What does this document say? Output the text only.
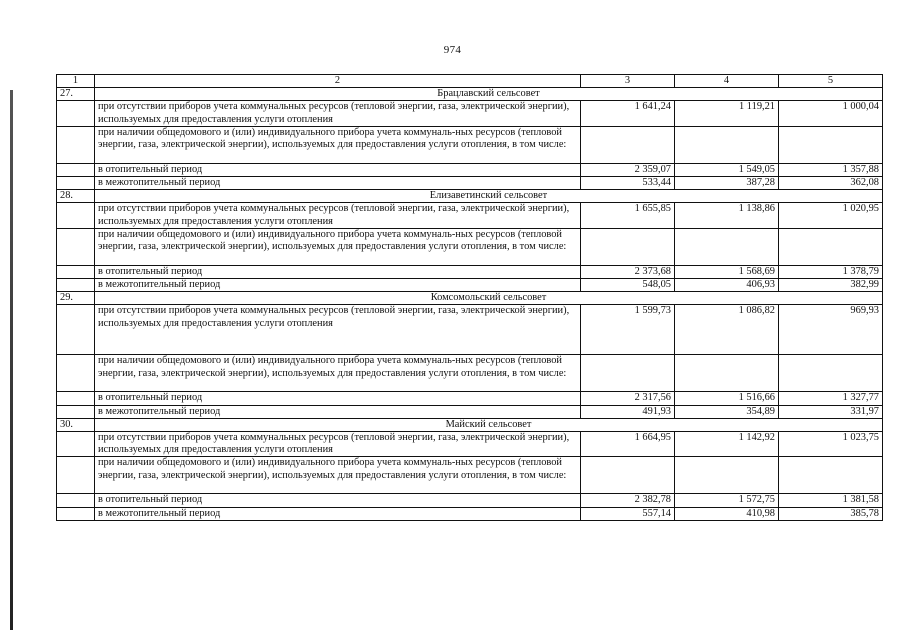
974
1	2	3	4	5
27.	Брацлавский сельсовет			
	при отсутствии приборов учета коммунальных ресурсов (тепловой энергии, газа, электрической энергии), используемых для предоставления услуги отопления	1 641,24	1 119,21	1 000,04
	при наличии общедомового и (или) индивидуального прибора учета коммуналь-ных ресурсов (тепловой энергии, газа, электрической энергии), используемых для предоставления услуги отопления, в том числе:			
	в отопительный период	2 359,07	1 549,05	1 357,88
	в межотопительный период	533,44	387,28	362,08
28.	Елизаветинский сельсовет			
	при отсутствии приборов учета коммунальных ресурсов (тепловой энергии, газа, электрической энергии), используемых для предоставления услуги отопления	1 655,85	1 138,86	1 020,95
	при наличии общедомового и (или) индивидуального прибора учета коммуналь-ных ресурсов (тепловой энергии, газа, электрической энергии), используемых для предоставления услуги отопления, в том числе:			
	в отопительный период	2 373,68	1 568,69	1 378,79
	в межотопительный период	548,05	406,93	382,99
29.	Комсомольский сельсовет			
	при отсутствии приборов учета коммунальных ресурсов (тепловой энергии, газа, электрической энергии), используемых для предоставления услуги отопления	1 599,73	1 086,82	969,93
	при наличии общедомового и (или) индивидуального прибора учета коммуналь-ных ресурсов (тепловой энергии, газа, электрической энергии), используемых для предоставления услуги отопления, в том числе:			
	в отопительный период	2 317,56	1 516,66	1 327,77
	в межотопительный период	491,93	354,89	331,97
30.	Майский сельсовет			
	при отсутствии приборов учета коммунальных ресурсов (тепловой энергии, газа, электрической энергии), используемых для предоставления услуги отопления	1 664,95	1 142,92	1 023,75
	при наличии общедомового и (или) индивидуального прибора учета коммуналь-ных ресурсов (тепловой энергии, газа, электрической энергии), используемых для предоставления услуги отопления, в том числе:			
	в отопительный период	2 382,78	1 572,75	1 381,58
	в межотопительный период	557,14	410,98	385,78
